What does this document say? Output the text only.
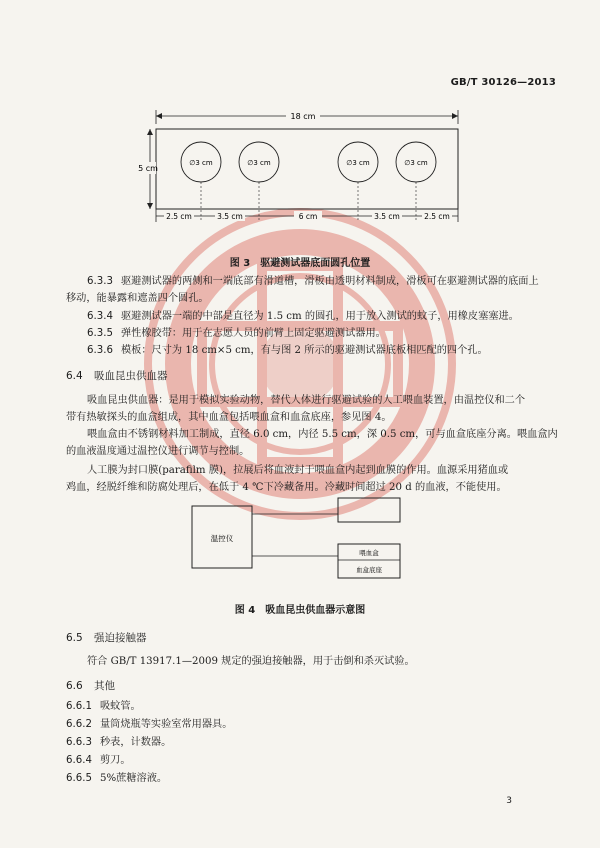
GB/T 30126—2013
18 cm
5 cm
∅3 cm	∅3 cm	∅3 cm	∅3 cm
2.5 cm	3.5 cm	6 cm	3.5 cm	2.5 cm
图 3　驱避测试器底面圆孔位置
6.3.3 驱避测试器的两侧和一端底部有滑道槽，滑板由透明材料制成，滑板可在驱避测试器的底面上
移动，能暴露和遮盖四个圆孔。
6.3.4 驱避测试器一端的中部是直径为 1.5 cm 的圆孔，用于放入测试的蚊子，用橡皮塞塞进。
6.3.5 弹性橡胶带：用于在志愿人员的前臂上固定驱避测试器用。
6.3.6 模板：尺寸为 18 cm×5 cm，有与图 2 所示的驱避测试器底板相匹配的四个孔。
6.4 吸血昆虫供血器
吸血昆虫供血器：是用于模拟实验动物，替代人体进行驱避试验的人工喂血装置，由温控仪和二个
带有热敏探头的血盒组成，其中血盒包括喂血盒和血盒底座，参见图 4。
喂血盒由不锈钢材料加工制成，直径 6.0 cm，内径 5.5 cm，深 0.5 cm，可与血盒底座分离。喂血盒内
的血液温度通过温控仪进行调节与控制。
人工膜为封口膜(parafilm 膜)，拉展后将血液封于喂血盒内起到血膜的作用。血源采用猪血或
鸡血，经脱纤维和防腐处理后，在低于 4 ℃下冷藏备用。冷藏时间超过 20 d 的血液，不能使用。
温控仪
喂血盒
血盒底座
图 4　吸血昆虫供血器示意图
6.5 强迫接触器
符合 GB/T 13917.1—2009 规定的强迫接触器，用于击倒和杀灭试验。
6.6 其他
6.6.1 吸蚊管。
6.6.2 量筒烧瓶等实验室常用器具。
6.6.3 秒表，计数器。
6.6.4 剪刀。
6.6.5 5%蔗糖溶液。
3
